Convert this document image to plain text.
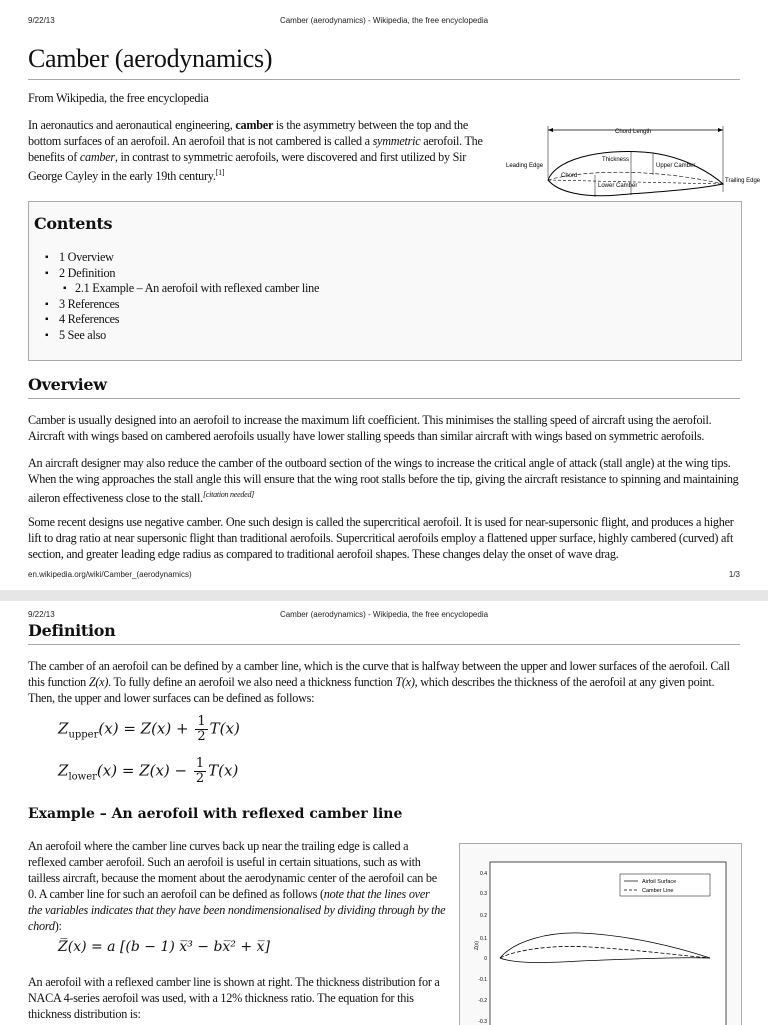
9/22/13	Camber (aerodynamics) - Wikipedia, the free encyclopedia
Camber (aerodynamics)
From Wikipedia, the free encyclopedia

In aeronautics and aeronautical engineering, camber is the asymmetry between the top and the bottom surfaces of an aerofoil. An aerofoil that is not cambered is called a symmetric aerofoil. The benefits of camber, in contrast to symmetric aerofoils, were discovered and first utilized by Sir George Cayley in the early 19th century.[1]

Chord Length
Thickness
Upper Camber
Leading Edge
Chord
Lower Camber
Trailing Edge
Contents
▪ 1 Overview
▪ 2 Definition
▪ 2.1 Example – An aerofoil with reflexed camber line
▪ 3 References
▪ 4 References
▪ 5 See also
Overview

Camber is usually designed into an aerofoil to increase the maximum lift coefficient. This minimises the stalling speed of aircraft using the aerofoil. Aircraft with wings based on cambered aerofoils usually have lower stalling speeds than similar aircraft with wings based on symmetric aerofoils.

An aircraft designer may also reduce the camber of the outboard section of the wings to increase the critical angle of attack (stall angle) at the wing tips. When the wing approaches the stall angle this will ensure that the wing root stalls before the tip, giving the aircraft resistance to spinning and maintaining aileron effectiveness close to the stall.[citation needed]

Some recent designs use negative camber. One such design is called the supercritical aerofoil. It is used for near-supersonic flight, and produces a higher lift to drag ratio at near supersonic flight than traditional aerofoils. Supercritical aerofoils employ a flattened upper surface, highly cambered (curved) aft section, and greater leading edge radius as compared to traditional aerofoil shapes. These changes delay the onset of wave drag.

en.wikipedia.org/wiki/Camber_(aerodynamics)	1/3
9/22/13	Camber (aerodynamics) - Wikipedia, the free encyclopedia
Definition

The camber of an aerofoil can be defined by a camber line, which is the curve that is halfway between the upper and lower surfaces of the aerofoil. Call this function Z(x). To fully define an aerofoil we also need a thickness function T(x), which describes the thickness of the aerofoil at any given point. Then, the upper and lower surfaces can be defined as follows:

$Z_{upper}(x) = Z(x) + \frac{1}{2} T(x)$
$Z_{lower}(x) = Z(x) - \frac{1}{2} T(x)$
Example – An aerofoil with reflexed camber line

An aerofoil where the camber line curves back up near the trailing edge is called a reflexed camber aerofoil. Such an aerofoil is useful in certain situations, such as with tailless aircraft, because the moment about the aerodynamic center of the aerofoil can be 0. A camber line for such an aerofoil can be defined as follows (note that the lines over the variables indicates that they have been nondimensionalised by dividing through by the chord):

Z̅(x) = a [(b − 1) x̅³ − bx̅² + x̅]

An aerofoil with a reflexed camber line is shown at right. The thickness distribution for a NACA 4-series aerofoil was used, with a 12% thickness ratio. The equation for this thickness distribution is:

0.4
0.3
0.2
0.1
0
-0.1
-0.2
-0.3
Z(x)
Airfoil Surface
Camber Line
